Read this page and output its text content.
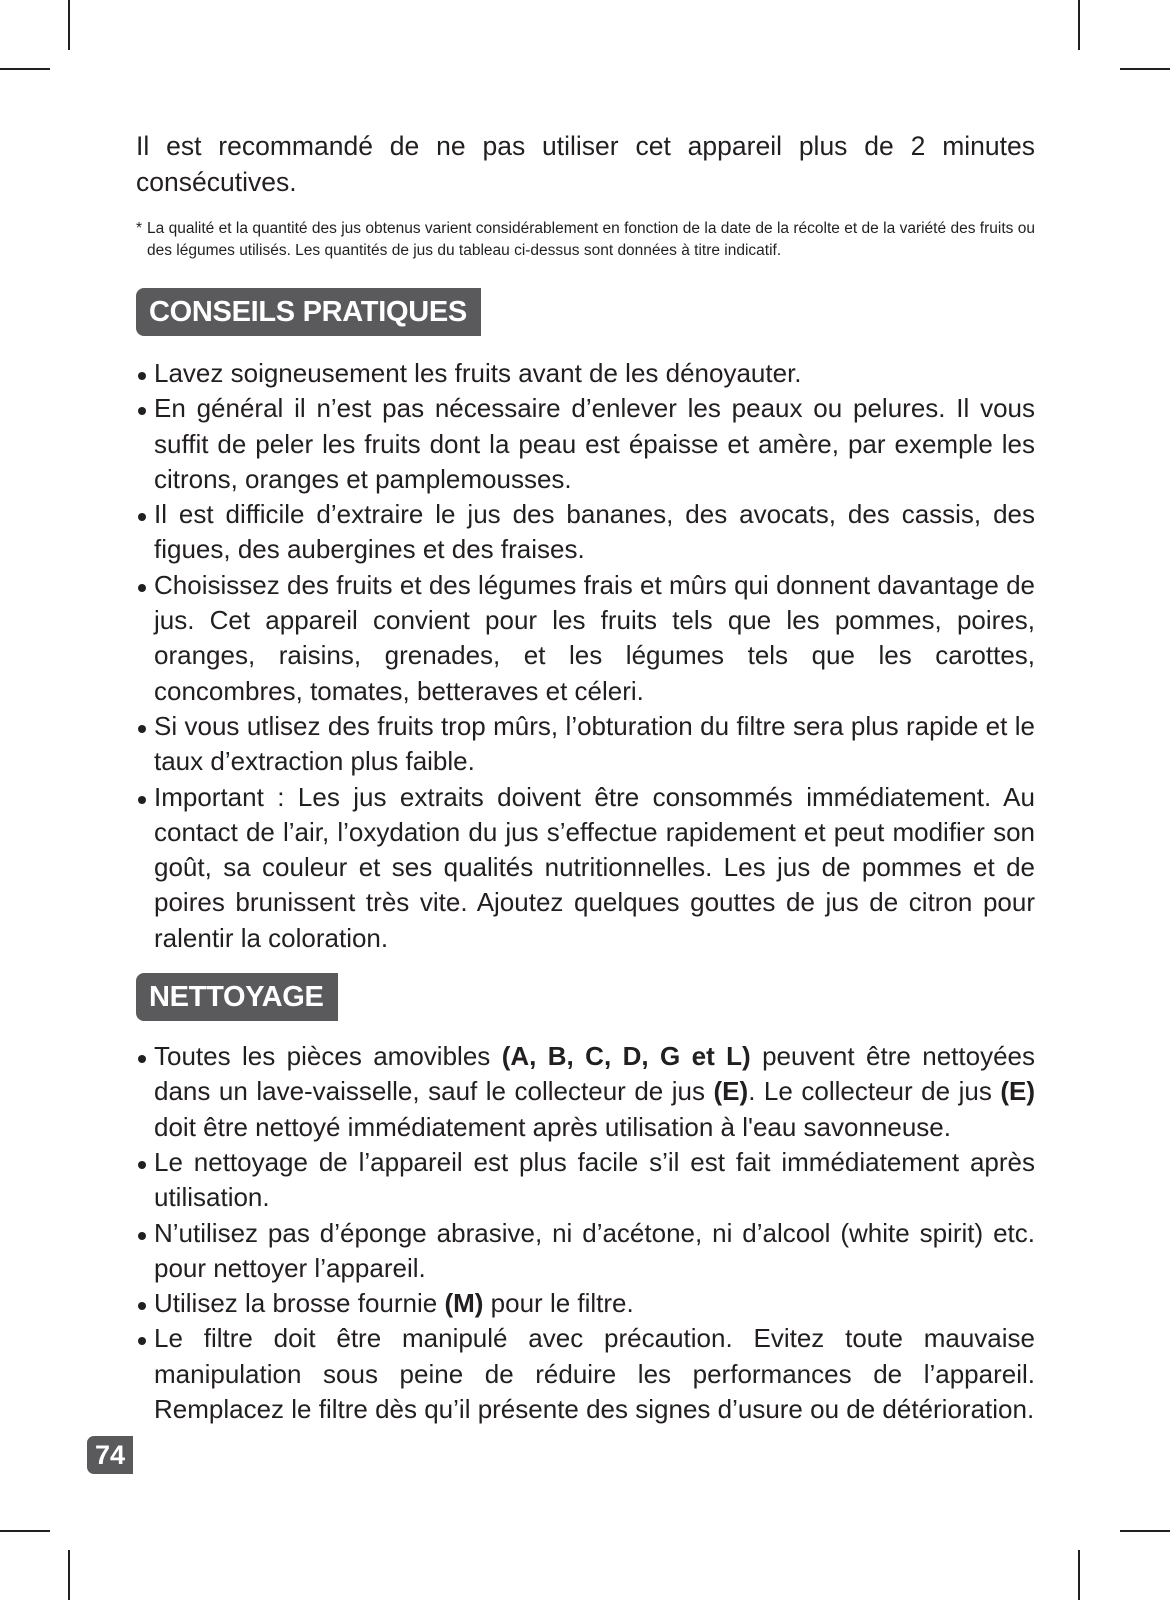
Il est recommandé de ne pas utiliser cet appareil plus de 2 minutes consécutives.

* La qualité et la quantité des jus obtenus varient considérablement en fonction de la date de la récolte et de la variété des fruits ou des légumes utilisés. Les quantités de jus du tableau ci-dessus sont données à titre indicatif.

CONSEILS PRATIQUES
Lavez soigneusement les fruits avant de les dénoyauter.
En général il n’est pas nécessaire d’enlever les peaux ou pelures. Il vous suffit de peler les fruits dont la peau est épaisse et amère, par exemple les citrons, oranges et pamplemousses.
Il est difficile d’extraire le jus des bananes, des avocats, des cassis, des figues, des aubergines et des fraises.
Choisissez des fruits et des légumes frais et mûrs qui donnent davantage de jus. Cet appareil convient pour les fruits tels que les pommes, poires, oranges, raisins, grenades, et les légumes tels que les carottes, concombres, tomates, betteraves et céleri.
Si vous utlisez des fruits trop mûrs, l’obturation du filtre sera plus rapide et le taux d’extraction plus faible.
Important : Les jus extraits doivent être consommés immédiatement. Au contact de l’air, l’oxydation du jus s’effectue rapidement et peut modifier son goût, sa couleur et ses qualités nutritionnelles. Les jus de pommes et de poires brunissent très vite. Ajoutez quelques gouttes de jus de citron pour ralentir la coloration.
NETTOYAGE
Toutes les pièces amovibles (A, B, C, D, G et L) peuvent être nettoyées dans un lave-vaisselle, sauf le collecteur de jus (E). Le collecteur de jus (E) doit être nettoyé immédiatement après utilisation à l'eau savonneuse.
Le nettoyage de l’appareil est plus facile s’il est fait immédiatement après utilisation.
N’utilisez pas d’éponge abrasive, ni d’acétone, ni d’alcool (white spirit) etc. pour nettoyer l’appareil.
Utilisez la brosse fournie (M) pour le filtre.
Le filtre doit être manipulé avec précaution. Evitez toute mauvaise manipulation sous peine de réduire les performances de l’appareil. Remplacez le filtre dès qu’il présente des signes d’usure ou de détérioration.
74
